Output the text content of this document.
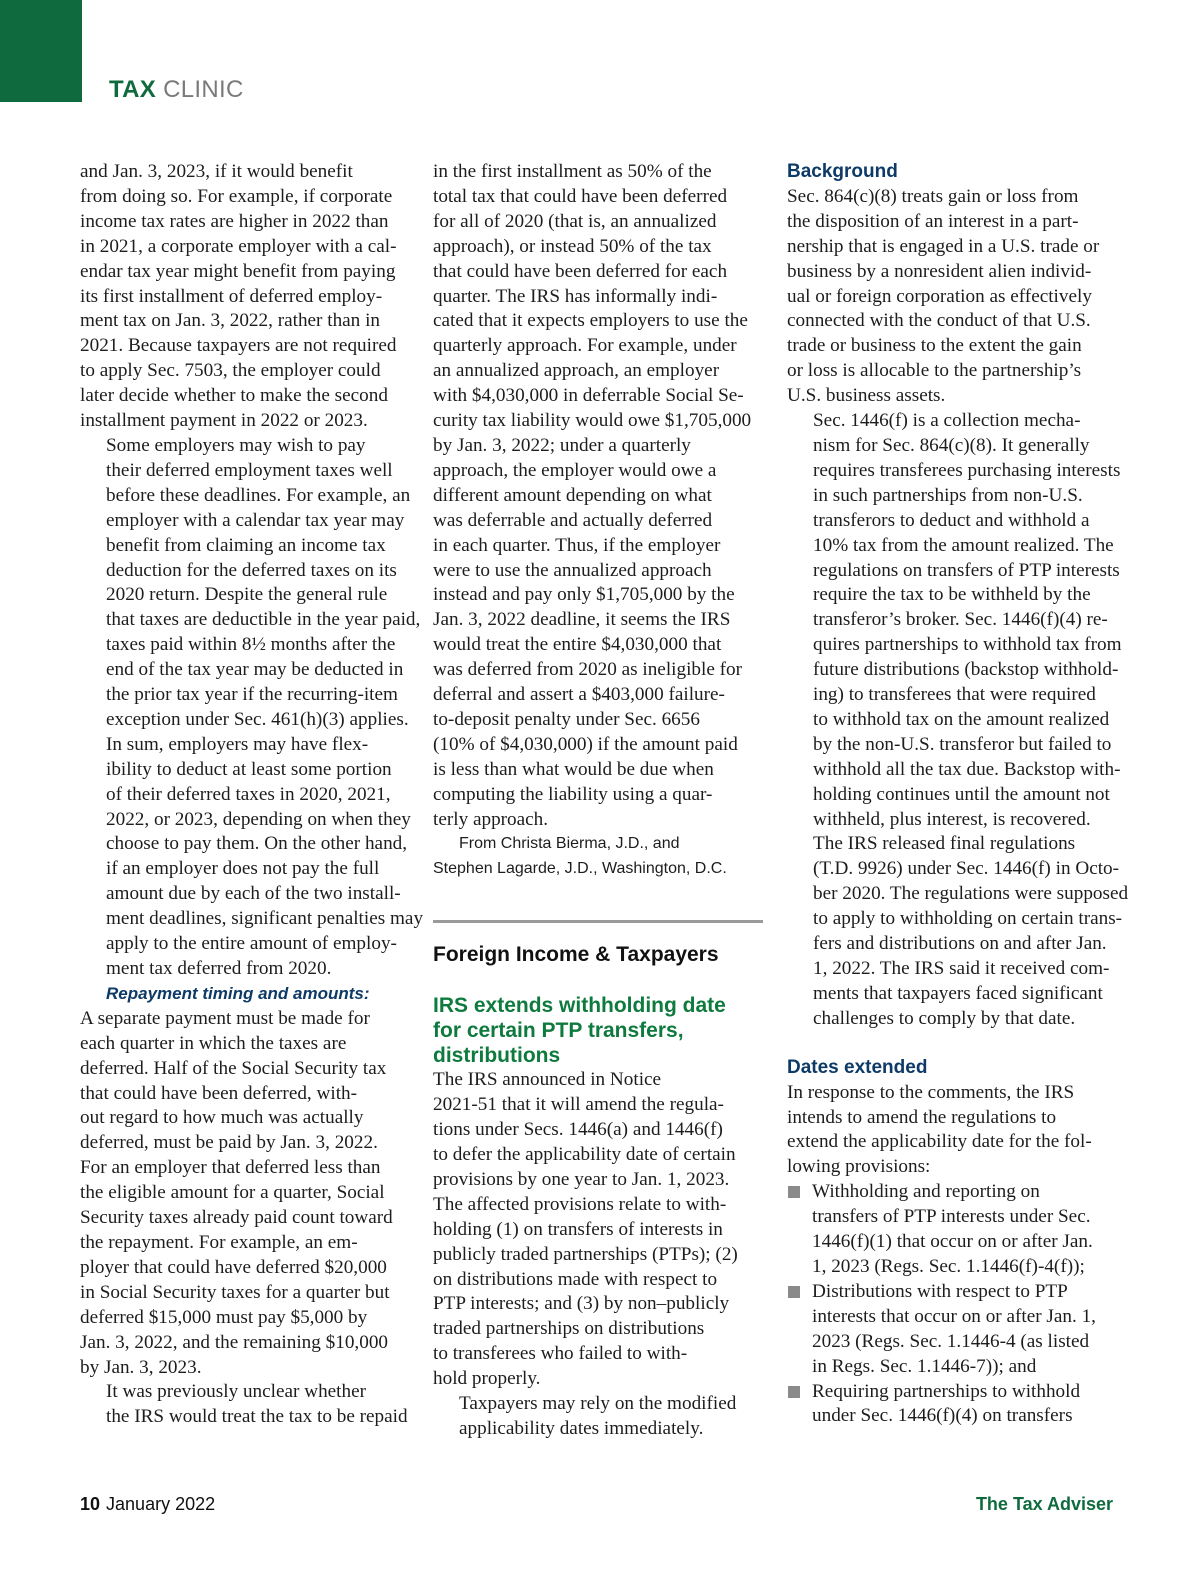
TAX CLINIC

and Jan. 3, 2023, if it would benefit
from doing so. For example, if corporate
income tax rates are higher in 2022 than
in 2021, a corporate employer with a cal-
endar tax year might benefit from paying
its first installment of deferred employ-
ment tax on Jan. 3, 2022, rather than in
2021. Because taxpayers are not required
to apply Sec. 7503, the employer could
later decide whether to make the second
installment payment in 2022 or 2023.

Some employers may wish to pay
their deferred employment taxes well
before these deadlines. For example, an
employer with a calendar tax year may
benefit from claiming an income tax
deduction for the deferred taxes on its
2020 return. Despite the general rule
that taxes are deductible in the year paid,
taxes paid within 8½ months after the
end of the tax year may be deducted in
the prior tax year if the recurring-item
exception under Sec. 461(h)(3) applies.

In sum, employers may have flex-
ibility to deduct at least some portion
of their deferred taxes in 2020, 2021,
2022, or 2023, depending on when they
choose to pay them. On the other hand,
if an employer does not pay the full
amount due by each of the two install-
ment deadlines, significant penalties may
apply to the entire amount of employ-
ment tax deferred from 2020.

Repayment timing and amounts:

A separate payment must be made for
each quarter in which the taxes are
deferred. Half of the Social Security tax
that could have been deferred, with-
out regard to how much was actually
deferred, must be paid by Jan. 3, 2022.
For an employer that deferred less than
the eligible amount for a quarter, Social
Security taxes already paid count toward
the repayment. For example, an em-
ployer that could have deferred $20,000
in Social Security taxes for a quarter but
deferred $15,000 must pay $5,000 by
Jan. 3, 2022, and the remaining $10,000
by Jan. 3, 2023.

It was previously unclear whether
the IRS would treat the tax to be repaid

in the first installment as 50% of the
total tax that could have been deferred
for all of 2020 (that is, an annualized
approach), or instead 50% of the tax
that could have been deferred for each
quarter. The IRS has informally indi-
cated that it expects employers to use the
quarterly approach. For example, under
an annualized approach, an employer
with $4,030,000 in deferrable Social Se-
curity tax liability would owe $1,705,000
by Jan. 3, 2022; under a quarterly
approach, the employer would owe a
different amount depending on what
was deferrable and actually deferred
in each quarter. Thus, if the employer
were to use the annualized approach
instead and pay only $1,705,000 by the
Jan. 3, 2022 deadline, it seems the IRS
would treat the entire $4,030,000 that
was deferred from 2020 as ineligible for
deferral and assert a $403,000 failure-
to-deposit penalty under Sec. 6656
(10% of $4,030,000) if the amount paid
is less than what would be due when
computing the liability using a quar-
terly approach.

From Christa Bierma, J.D., and
Stephen Lagarde, J.D., Washington, D.C.

Foreign Income & Taxpayers
IRS extends withholding date
for certain PTP transfers,
distributions

The IRS announced in Notice
2021-51 that it will amend the regula-
tions under Secs. 1446(a) and 1446(f)
to defer the applicability date of certain
provisions by one year to Jan. 1, 2023.
The affected provisions relate to with-
holding (1) on transfers of interests in
publicly traded partnerships (PTPs); (2)
on distributions made with respect to
PTP interests; and (3) by non–publicly
traded partnerships on distributions
to transferees who failed to with-
hold properly.

Taxpayers may rely on the modified
applicability dates immediately.

Background

Sec. 864(c)(8) treats gain or loss from
the disposition of an interest in a part-
nership that is engaged in a U.S. trade or
business by a nonresident alien individ-
ual or foreign corporation as effectively
connected with the conduct of that U.S.
trade or business to the extent the gain
or loss is allocable to the partnership’s
U.S. business assets.

Sec. 1446(f) is a collection mecha-
nism for Sec. 864(c)(8). It generally
requires transferees purchasing interests
in such partnerships from non-U.S.
transferors to deduct and withhold a
10% tax from the amount realized. The
regulations on transfers of PTP interests
require the tax to be withheld by the
transferor’s broker. Sec. 1446(f)(4) re-
quires partnerships to withhold tax from
future distributions (backstop withhold-
ing) to transferees that were required
to withhold tax on the amount realized
by the non-U.S. transferor but failed to
withhold all the tax due. Backstop with-
holding continues until the amount not
withheld, plus interest, is recovered.

The IRS released final regulations
(T.D. 9926) under Sec. 1446(f) in Octo-
ber 2020. The regulations were supposed
to apply to withholding on certain trans-
fers and distributions on and after Jan.
1, 2022. The IRS said it received com-
ments that taxpayers faced significant
challenges to comply by that date.

Dates extended

In response to the comments, the IRS
intends to amend the regulations to
extend the applicability date for the fol-
lowing provisions:

Withholding and reporting on
transfers of PTP interests under Sec.
1446(f)(1) that occur on or after Jan.
1, 2023 (Regs. Sec. 1.1446(f)-4(f));
Distributions with respect to PTP
interests that occur on or after Jan. 1,
2023 (Regs. Sec. 1.1446-4 (as listed
in Regs. Sec. 1.1446-7)); and
Requiring partnerships to withhold
under Sec. 1446(f)(4) on transfers
10 January 2022	The Tax Adviser
